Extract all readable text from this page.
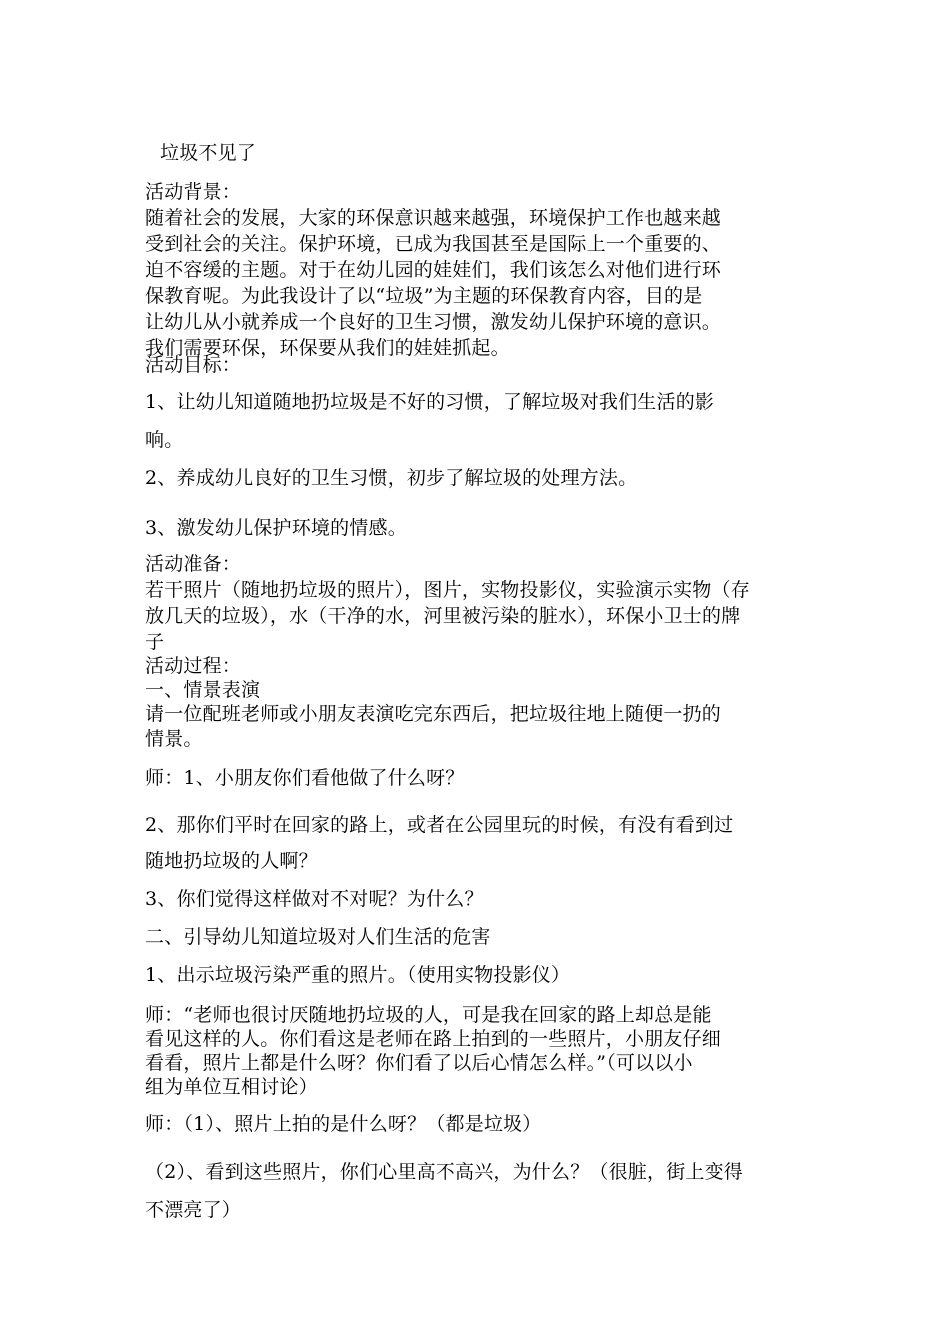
垃圾不见了
活动背景：
随着社会的发展，大家的环保意识越来越强，环境保护工作也越来越
受到社会的关注。保护环境，已成为我国甚至是国际上一个重要的、
迫不容缓的主题。对于在幼儿园的娃娃们，我们该怎么对他们进行环
保教育呢。为此我设计了以“垃圾”为主题的环保教育内容，目的是
让幼儿从小就养成一个良好的卫生习惯，激发幼儿保护环境的意识。
我们需要环保，环保要从我们的娃娃抓起。
活动目标：
1、让幼儿知道随地扔垃圾是不好的习惯，了解垃圾对我们生活的影
响。
2、养成幼儿良好的卫生习惯，初步了解垃圾的处理方法。
3、激发幼儿保护环境的情感。
活动准备：
若干照片（随地扔垃圾的照片），图片，实物投影仪，实验演示实物（存
放几天的垃圾），水（干净的水，河里被污染的脏水），环保小卫士的牌
子
活动过程：
一、情景表演
请一位配班老师或小朋友表演吃完东西后，把垃圾往地上随便一扔的
情景。
师：1、小朋友你们看他做了什么呀？
2、那你们平时在回家的路上，或者在公园里玩的时候，有没有看到过
随地扔垃圾的人啊？
3、你们觉得这样做对不对呢？为什么？
二、引导幼儿知道垃圾对人们生活的危害
1、出示垃圾污染严重的照片。（使用实物投影仪）
师：“老师也很讨厌随地扔垃圾的人，可是我在回家的路上却总是能
看见这样的人。你们看这是老师在路上拍到的一些照片，小朋友仔细
看看，照片上都是什么呀？你们看了以后心情怎么样。”（可以以小
组为单位互相讨论）
师：（1）、照片上拍的是什么呀？（都是垃圾）
（2）、看到这些照片，你们心里高不高兴，为什么？（很脏，街上变得
不漂亮了）
